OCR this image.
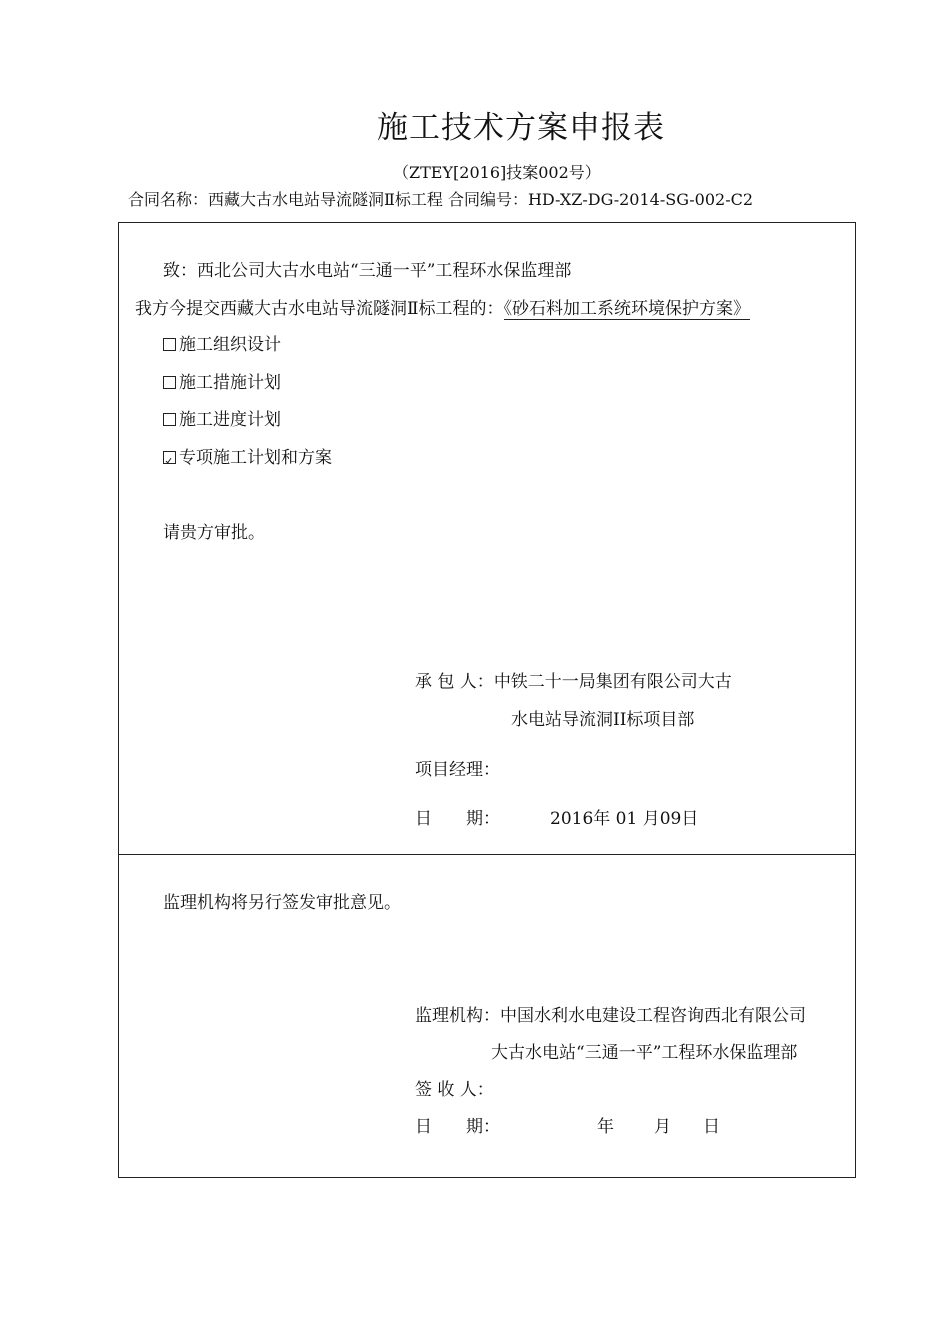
施工技术方案申报表
（ZTEY[2016]技案002号）
合同名称：西藏大古水电站导流隧洞Ⅱ标工程 合同编号：HD-XZ-DG-2014-SG-002-C2
致：西北公司大古水电站“三通一平”工程环水保监理部
我方今提交西藏大古水电站导流隧洞Ⅱ标工程的：《砂石料加工系统环境保护方案》
施工组织设计
施工措施计划
施工进度计划
专项施工计划和方案
请贵方审批。
承 包 人：中铁二十一局集团有限公司大古
水电站导流洞II标项目部
项目经理：
日　　期：	2016年 01 月09日
监理机构将另行签发审批意见。
监理机构：中国水利水电建设工程咨询西北有限公司
大古水电站“三通一平”工程环水保监理部
签 收 人：
日　　期：	年 月 日
